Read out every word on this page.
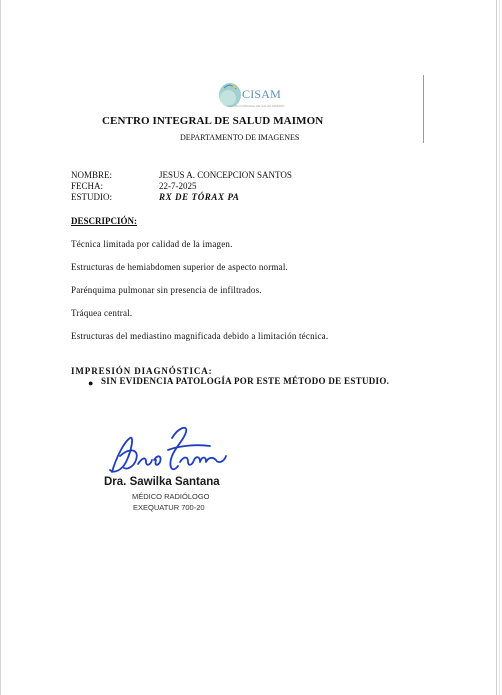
CISAM
CENTRO INTEGRAL DE SALUD MAIMON
CENTRO INTEGRAL DE SALUD MAIMON
DEPARTAMENTO DE IMAGENES
NOMBRE:	JESUS A. CONCEPCION SANTOS
FECHA:	22-7-2025
ESTUDIO:	RX DE TÓRAX PA
DESCRIPCIÓN:
Técnica limitada por calidad de la imagen.
Estructuras de hemiabdomen superior de aspecto normal.
Parénquima pulmonar sin presencia de infiltrados.
Tráquea central.
Estructuras del mediastino magnificada debido a limitación técnica.
IMPRESIÓN DIAGNÓSTICA:
● SIN EVIDENCIA PATOLOGÍA POR ESTE MÉTODO DE ESTUDIO.
Dra. Sawilka Santana
MÉDICO RADIÓLOGO
EXEQUATUR 700-20
